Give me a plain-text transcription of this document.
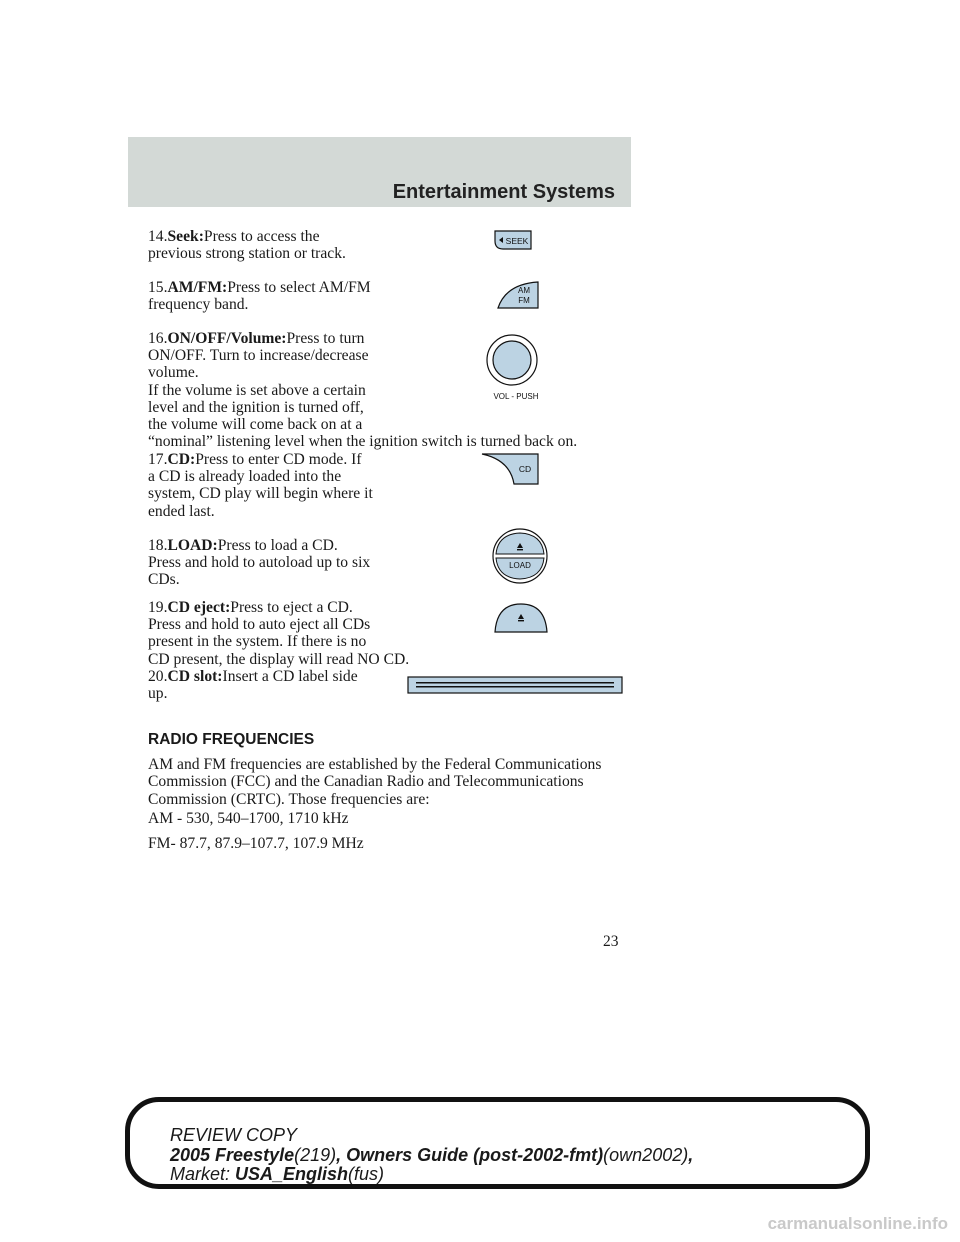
Entertainment Systems
14.Seek:Press to access the
previous strong station or track.
SEEK
15.AM/FM:Press to select AM/FM
frequency band.
AM
FM
16.ON/OFF/Volume:Press to turn
ON/OFF. Turn to increase/decrease
volume.
If the volume is set above a certain
level and the ignition is turned off,
the volume will come back on at a
“nominal” listening level when the ignition switch is turned back on.
VOL - PUSH
17.CD:Press to enter CD mode. If
a CD is already loaded into the
system, CD play will begin where it
ended last.
CD
18.LOAD:Press to load a CD.
Press and hold to autoload up to six
CDs.
LOAD
19.CD eject:Press to eject a CD.
Press and hold to auto eject all CDs
present in the system. If there is no
CD present, the display will read NO CD.
20.CD slot:Insert a CD label side
up.
RADIO FREQUENCIES
AM and FM frequencies are established by the Federal Communications
Commission (FCC) and the Canadian Radio and Telecommunications
Commission (CRTC). Those frequencies are:
AM - 530, 540–1700, 1710 kHz
FM- 87.7, 87.9–107.7, 107.9 MHz
23
REVIEW COPY
2005 Freestyle(219), Owners Guide (post-2002-fmt)(own2002),
Market: USA_English(fus)
carmanualsonline.info
